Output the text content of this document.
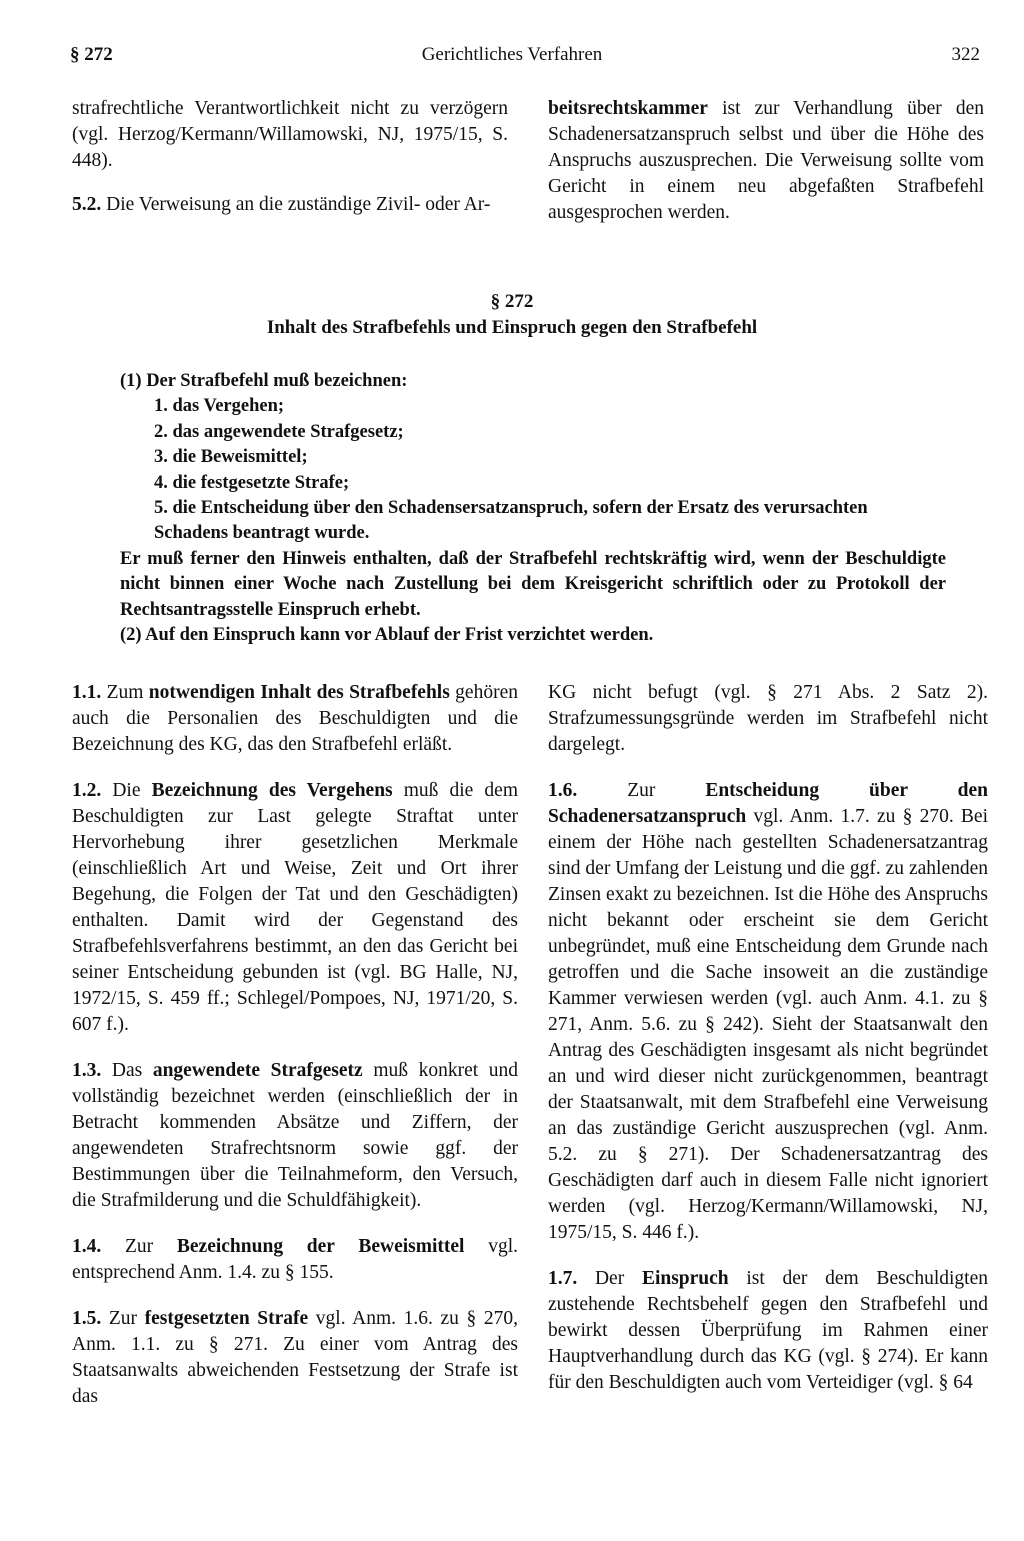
§ 272	Gerichtliches Verfahren	322

strafrechtliche Verantwortlichkeit nicht zu verzögern (vgl. Herzog/Kermann/Willamowski, NJ, 1975/15, S. 448).

5.2. Die Verweisung an die zuständige Zivil- oder Ar-

beitsrechtskammer ist zur Verhandlung über den Schadenersatzanspruch selbst und über die Höhe des Anspruchs auszusprechen. Die Verweisung sollte vom Gericht in einem neu abgefaßten Strafbefehl ausgesprochen werden.

§ 272
Inhalt des Strafbefehls und Einspruch gegen den Strafbefehl

(1) Der Strafbefehl muß bezeichnen:

1. das Vergehen;

2. das angewendete Strafgesetz;

3. die Beweismittel;

4. die festgesetzte Strafe;

5. die Entscheidung über den Schadensersatzanspruch, sofern der Ersatz des verursachten Schadens beantragt wurde.

Er muß ferner den Hinweis enthalten, daß der Strafbefehl rechtskräftig wird, wenn der Beschuldigte nicht binnen einer Woche nach Zustellung bei dem Kreisgericht schriftlich oder zu Protokoll der Rechtsantragsstelle Einspruch erhebt.

(2) Auf den Einspruch kann vor Ablauf der Frist verzichtet werden.

1.1. Zum notwendigen Inhalt des Strafbefehls gehören auch die Personalien des Beschuldigten und die Bezeichnung des KG, das den Strafbefehl erläßt.

1.2. Die Bezeichnung des Vergehens muß die dem Beschuldigten zur Last gelegte Straftat unter Hervorhebung ihrer gesetzlichen Merkmale (einschließlich Art und Weise, Zeit und Ort ihrer Begehung, die Folgen der Tat und den Geschädigten) enthalten. Damit wird der Gegenstand des Strafbefehlsverfahrens bestimmt, an den das Gericht bei seiner Entscheidung gebunden ist (vgl. BG Halle, NJ, 1972/15, S. 459 ff.; Schlegel/Pompoes, NJ, 1971/20, S. 607 f.).

1.3. Das angewendete Strafgesetz muß konkret und vollständig bezeichnet werden (einschließlich der in Betracht kommenden Absätze und Ziffern, der angewendeten Strafrechtsnorm sowie ggf. der Bestimmungen über die Teilnahmeform, den Versuch, die Strafmilderung und die Schuldfähigkeit).

1.4. Zur Bezeichnung der Beweismittel vgl. entsprechend Anm. 1.4. zu § 155.

1.5. Zur festgesetzten Strafe vgl. Anm. 1.6. zu § 270, Anm. 1.1. zu § 271. Zu einer vom Antrag des Staatsanwalts abweichenden Festsetzung der Strafe ist das

KG nicht befugt (vgl. § 271 Abs. 2 Satz 2). Strafzumessungsgründe werden im Strafbefehl nicht dargelegt.

1.6. Zur Entscheidung über den Schadenersatzanspruch vgl. Anm. 1.7. zu § 270. Bei einem der Höhe nach gestellten Schadenersatzantrag sind der Umfang der Leistung und die ggf. zu zahlenden Zinsen exakt zu bezeichnen. Ist die Höhe des Anspruchs nicht bekannt oder erscheint sie dem Gericht unbegründet, muß eine Entscheidung dem Grunde nach getroffen und die Sache insoweit an die zuständige Kammer verwiesen werden (vgl. auch Anm. 4.1. zu § 271, Anm. 5.6. zu § 242). Sieht der Staatsanwalt den Antrag des Geschädigten insgesamt als nicht begründet an und wird dieser nicht zurückgenommen, beantragt der Staatsanwalt, mit dem Strafbefehl eine Verweisung an das zuständige Gericht auszusprechen (vgl. Anm. 5.2. zu § 271). Der Schadenersatzantrag des Geschädigten darf auch in diesem Falle nicht ignoriert werden (vgl. Herzog/Kermann/Willamowski, NJ, 1975/15, S. 446 f.).

1.7. Der Einspruch ist der dem Beschuldigten zustehende Rechtsbehelf gegen den Strafbefehl und bewirkt dessen Überprüfung im Rahmen einer Hauptverhandlung durch das KG (vgl. § 274). Er kann für den Beschuldigten auch vom Verteidiger (vgl. § 64
